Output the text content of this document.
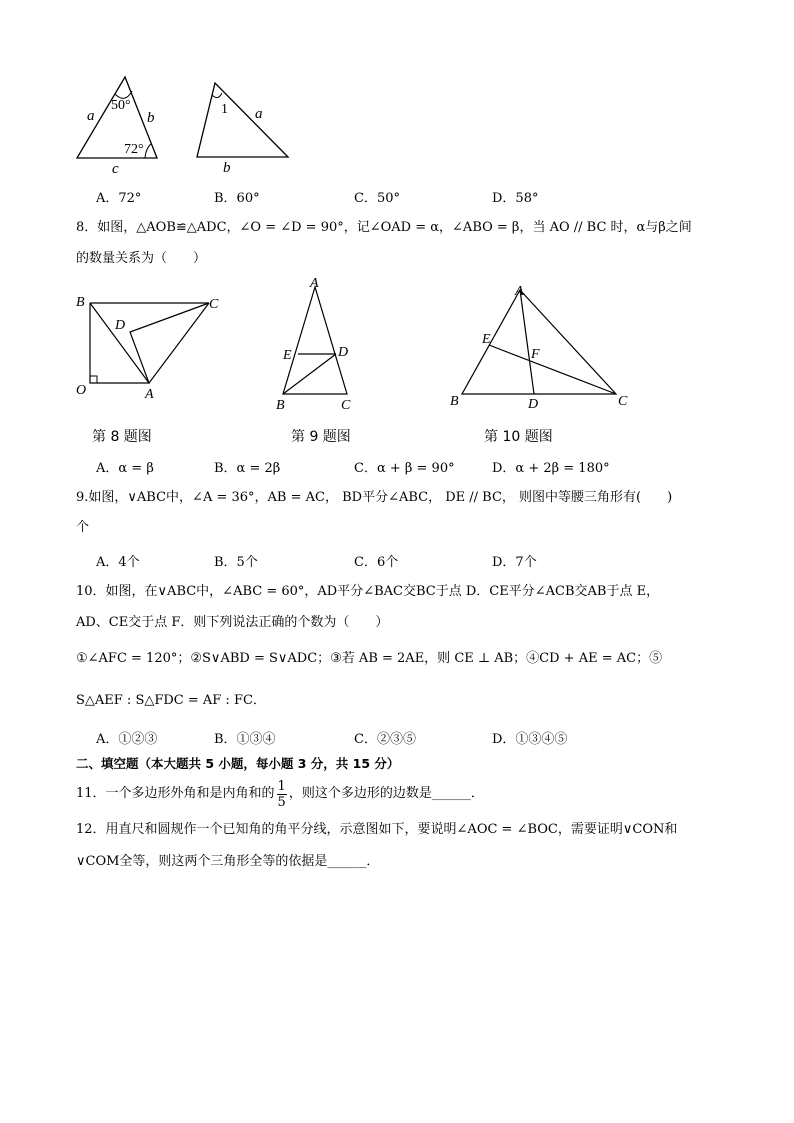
a	b
c
50°
72°
1 a
b
A．72°	B．60°	C．50°	D．58°
8．如图，△AOB≌△ADC，∠O = ∠D = 90°，记∠OAD = α，∠ABO = β，当 AO // BC 时，α与β之间
的数量关系为（　　）
B	C
D
O	A
第 8 题图
A
E	D
B	C
第 9 题图
A
E
F
B	D	C
第 10 题图
A．α = β	B．α = 2β	C．α + β = 90°	D．α + 2β = 180°
9.如图，∨ABC中，∠A = 36°，AB = AC， BD平分∠ABC， DE // BC， 则图中等腰三角形有(　　)
个
A．4个	B．5个	C．6个	D．7个
10．如图，在∨ABC中，∠ABC = 60°，AD平分∠BAC交BC于点 D．CE平分∠ACB交AB于点 E，
AD、CE交于点 F．则下列说法正确的个数为（　　）
①∠AFC = 120°；②S∨ABD = S∨ADC；③若 AB = 2AE，则 CE ⊥ AB；④CD + AE = AC；⑤
S△AEF : S△FDC = AF : FC．
A．①②③	B．①③④	C．②③⑤	D．①③④⑤
二、填空题（本大题共 5 小题，每小题 3 分，共 15 分）
11．一个多边形外角和是内角和的 $\frac{1}{5}$ ，则这个多边形的边数是______．
12．用直尺和圆规作一个已知角的角平分线，示意图如下，要说明∠AOC = ∠BOC，需要证明∨CON和
∨COM全等，则这两个三角形全等的依据是______．
